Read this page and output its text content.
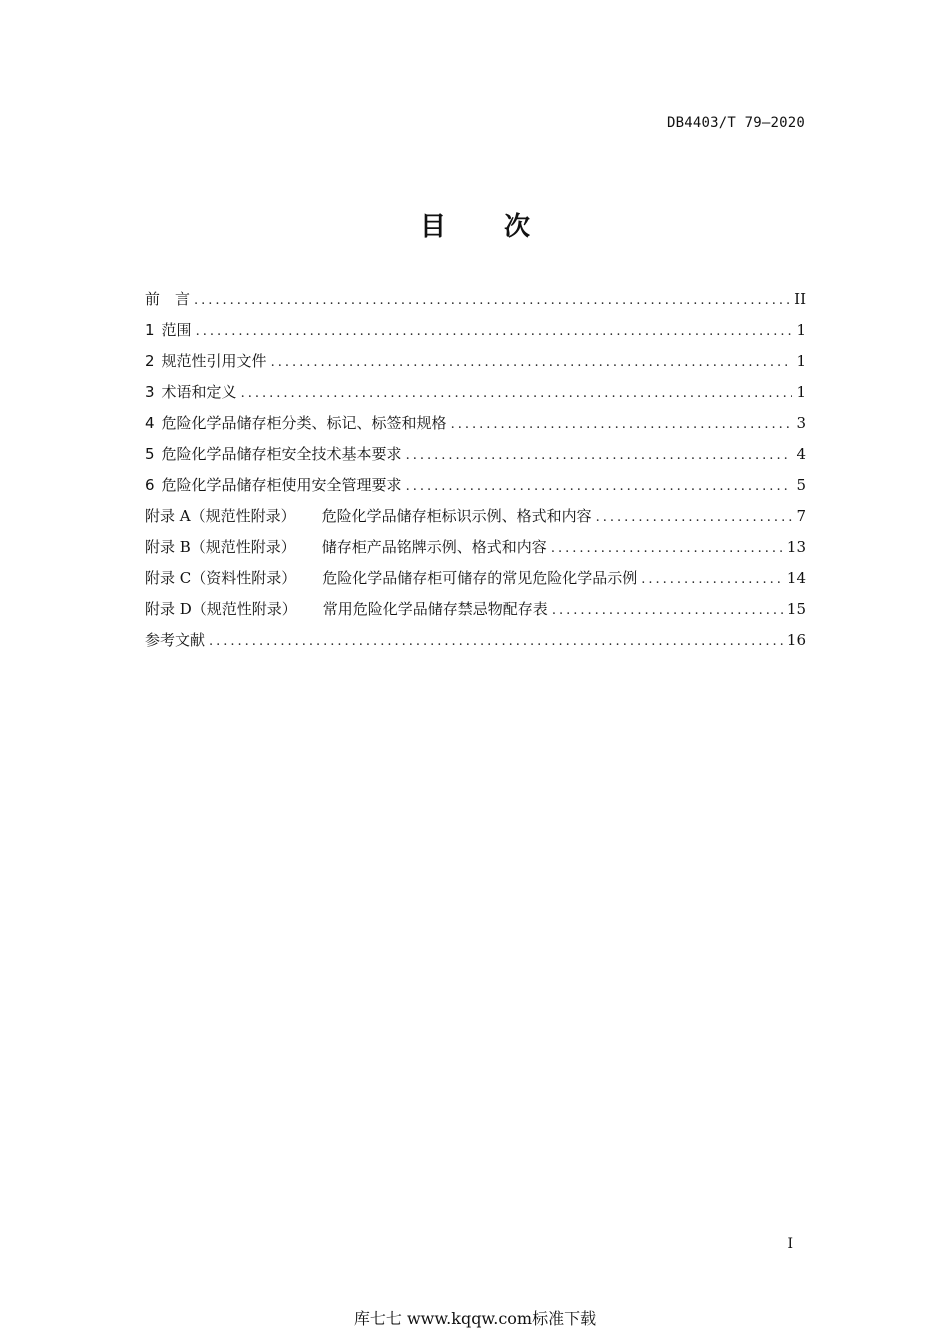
DB4403/T 79—2020
目 次
前　言 .....	II
1 范围 .....	1
2 规范性引用文件 .....	1
3 术语和定义 .....	1
4 危险化学品储存柜分类、标记、标签和规格 .....	3
5 危险化学品储存柜安全技术基本要求 .....	4
6 危险化学品储存柜使用安全管理要求 .....	5
附录 A（规范性附录） 危险化学品储存柜标识示例、格式和内容 .....	7
附录 B（规范性附录） 储存柜产品铭牌示例、格式和内容 .....	13
附录 C（资料性附录） 危险化学品储存柜可储存的常见危险化学品示例 .....	14
附录 D（规范性附录） 常用危险化学品储存禁忌物配存表 .....	15
参考文献 .....	16
I
库七七 www.kqqw.com标准下载
